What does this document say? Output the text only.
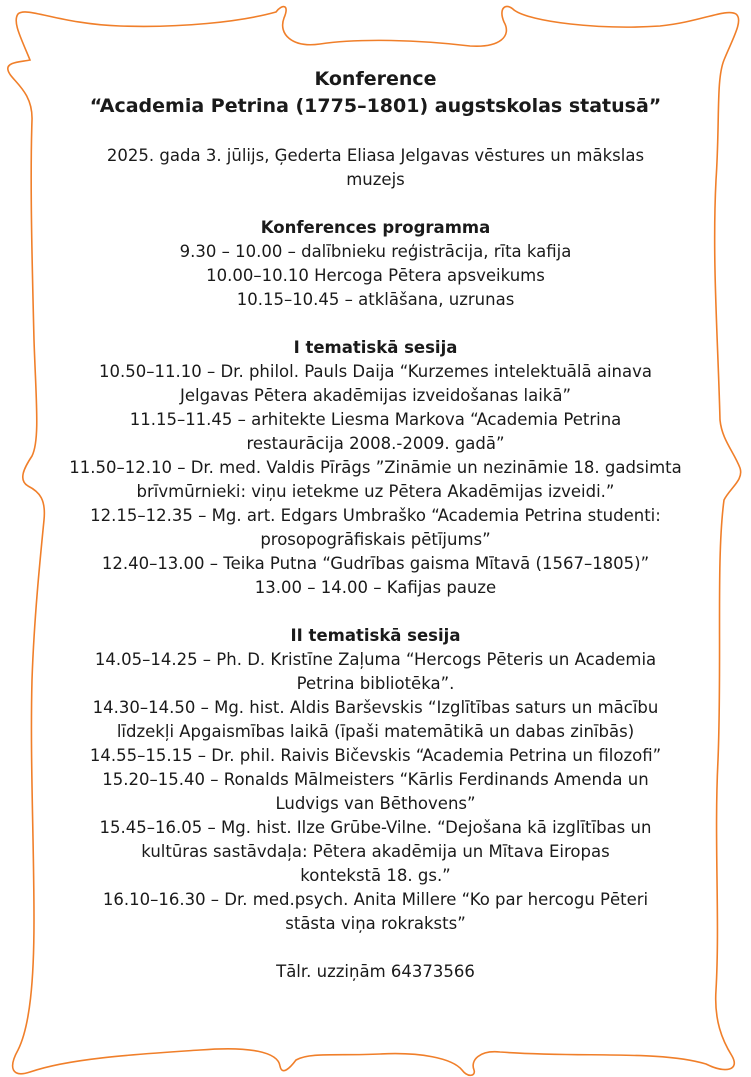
Konference
“Academia Petrina (1775–1801) augstskolas statusā”
2025. gada 3. jūlijs, Ģederta Eliasa Jelgavas vēstures un mākslas
muzejs
Konferences programma
9.30 – 10.00 – dalībnieku reģistrācija, rīta kafija
10.00–10.10 Hercoga Pētera apsveikums
10.15–10.45 – atklāšana, uzrunas
I tematiskā sesija
10.50–11.10 – Dr. philol. Pauls Daija “Kurzemes intelektuālā ainava
Jelgavas Pētera akadēmijas izveidošanas laikā”
11.15–11.45 – arhitekte Liesma Markova “Academia Petrina
restaurācija 2008.-2009. gadā”
11.50–12.10 – Dr. med. Valdis Pīrāgs ”Zināmie un nezināmie 18. gadsimta
brīvmūrnieki: viņu ietekme uz Pētera Akadēmijas izveidi.”
12.15–12.35 – Mg. art. Edgars Umbraško “Academia Petrina studenti:
prosopogrāfiskais pētījums”
12.40–13.00 – Teika Putna “Gudrības gaisma Mītavā (1567–1805)”
13.00 – 14.00 – Kafijas pauze
II tematiskā sesija
14.05–14.25 – Ph. D. Kristīne Zaļuma “Hercogs Pēteris un Academia
Petrina bibliotēka”.
14.30–14.50 – Mg. hist. Aldis Barševskis “Izglītības saturs un mācību
līdzekļi Apgaismības laikā (īpaši matemātikā un dabas zinībās)
14.55–15.15 – Dr. phil. Raivis Bičevskis “Academia Petrina un filozofi”
15.20–15.40 – Ronalds Mālmeisters “Kārlis Ferdinands Amenda un
Ludvigs van Bēthovens”
15.45–16.05 – Mg. hist. Ilze Grūbe-Vilne. “Dejošana kā izglītības un
kultūras sastāvdaļa: Pētera akadēmija un Mītava Eiropas
kontekstā 18. gs.”
16.10–16.30 – Dr. med.psych. Anita Millere “Ko par hercogu Pēteri
stāsta viņa rokraksts”
Tālr. uzziņām 64373566
